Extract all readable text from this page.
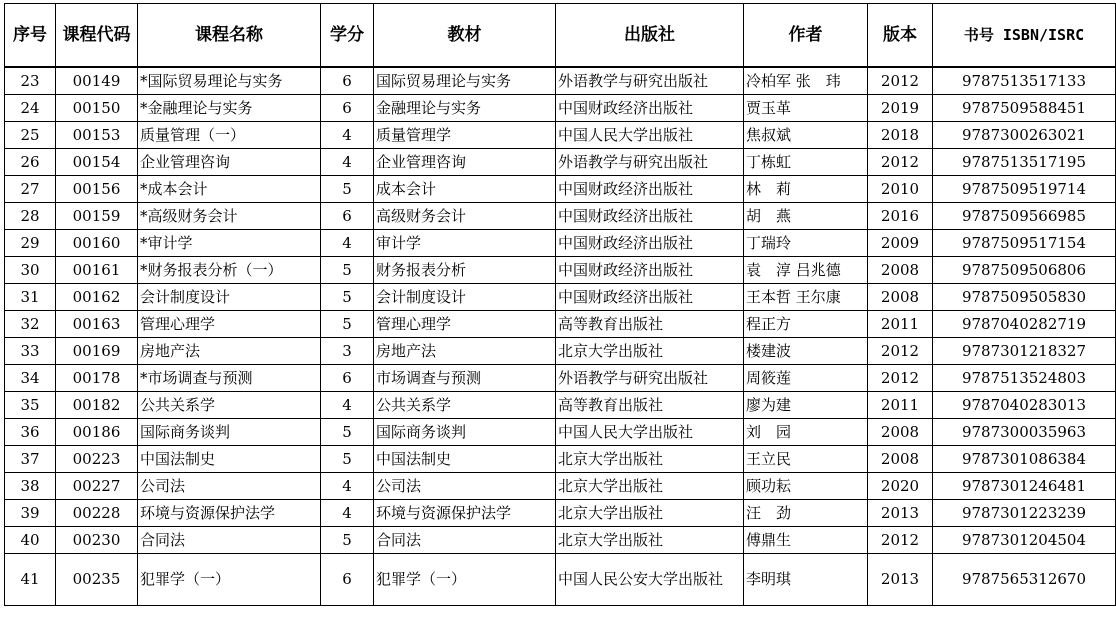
序号	课程代码	课程名称	学分	教材	出版社	作者	版本	书号 ISBN/ISRC
23	00149	*国际贸易理论与实务	6	国际贸易理论与实务	外语教学与研究出版社	冷柏军 张　玮	2012	9787513517133
24	00150	*金融理论与实务	6	金融理论与实务	中国财政经济出版社	贾玉革	2019	9787509588451
25	00153	质量管理（一）	4	质量管理学	中国人民大学出版社	焦叔斌	2018	9787300263021
26	00154	企业管理咨询	4	企业管理咨询	外语教学与研究出版社	丁栋虹	2012	9787513517195
27	00156	*成本会计	5	成本会计	中国财政经济出版社	林　莉	2010	9787509519714
28	00159	*高级财务会计	6	高级财务会计	中国财政经济出版社	胡　燕	2016	9787509566985
29	00160	*审计学	4	审计学	中国财政经济出版社	丁瑞玲	2009	9787509517154
30	00161	*财务报表分析（一）	5	财务报表分析	中国财政经济出版社	袁　淳 吕兆德	2008	9787509506806
31	00162	会计制度设计	5	会计制度设计	中国财政经济出版社	王本哲 王尔康	2008	9787509505830
32	00163	管理心理学	5	管理心理学	高等教育出版社	程正方	2011	9787040282719
33	00169	房地产法	3	房地产法	北京大学出版社	楼建波	2012	9787301218327
34	00178	*市场调查与预测	6	市场调查与预测	外语教学与研究出版社	周筱莲	2012	9787513524803
35	00182	公共关系学	4	公共关系学	高等教育出版社	廖为建	2011	9787040283013
36	00186	国际商务谈判	5	国际商务谈判	中国人民大学出版社	刘　园	2008	9787300035963
37	00223	中国法制史	5	中国法制史	北京大学出版社	王立民	2008	9787301086384
38	00227	公司法	4	公司法	北京大学出版社	顾功耘	2020	9787301246481
39	00228	环境与资源保护法学	4	环境与资源保护法学	北京大学出版社	汪　劲	2013	9787301223239
40	00230	合同法	5	合同法	北京大学出版社	傅鼎生	2012	9787301204504
41	00235	犯罪学（一）	6	犯罪学（一）	中国人民公安大学出版社	李明琪	2013	9787565312670
